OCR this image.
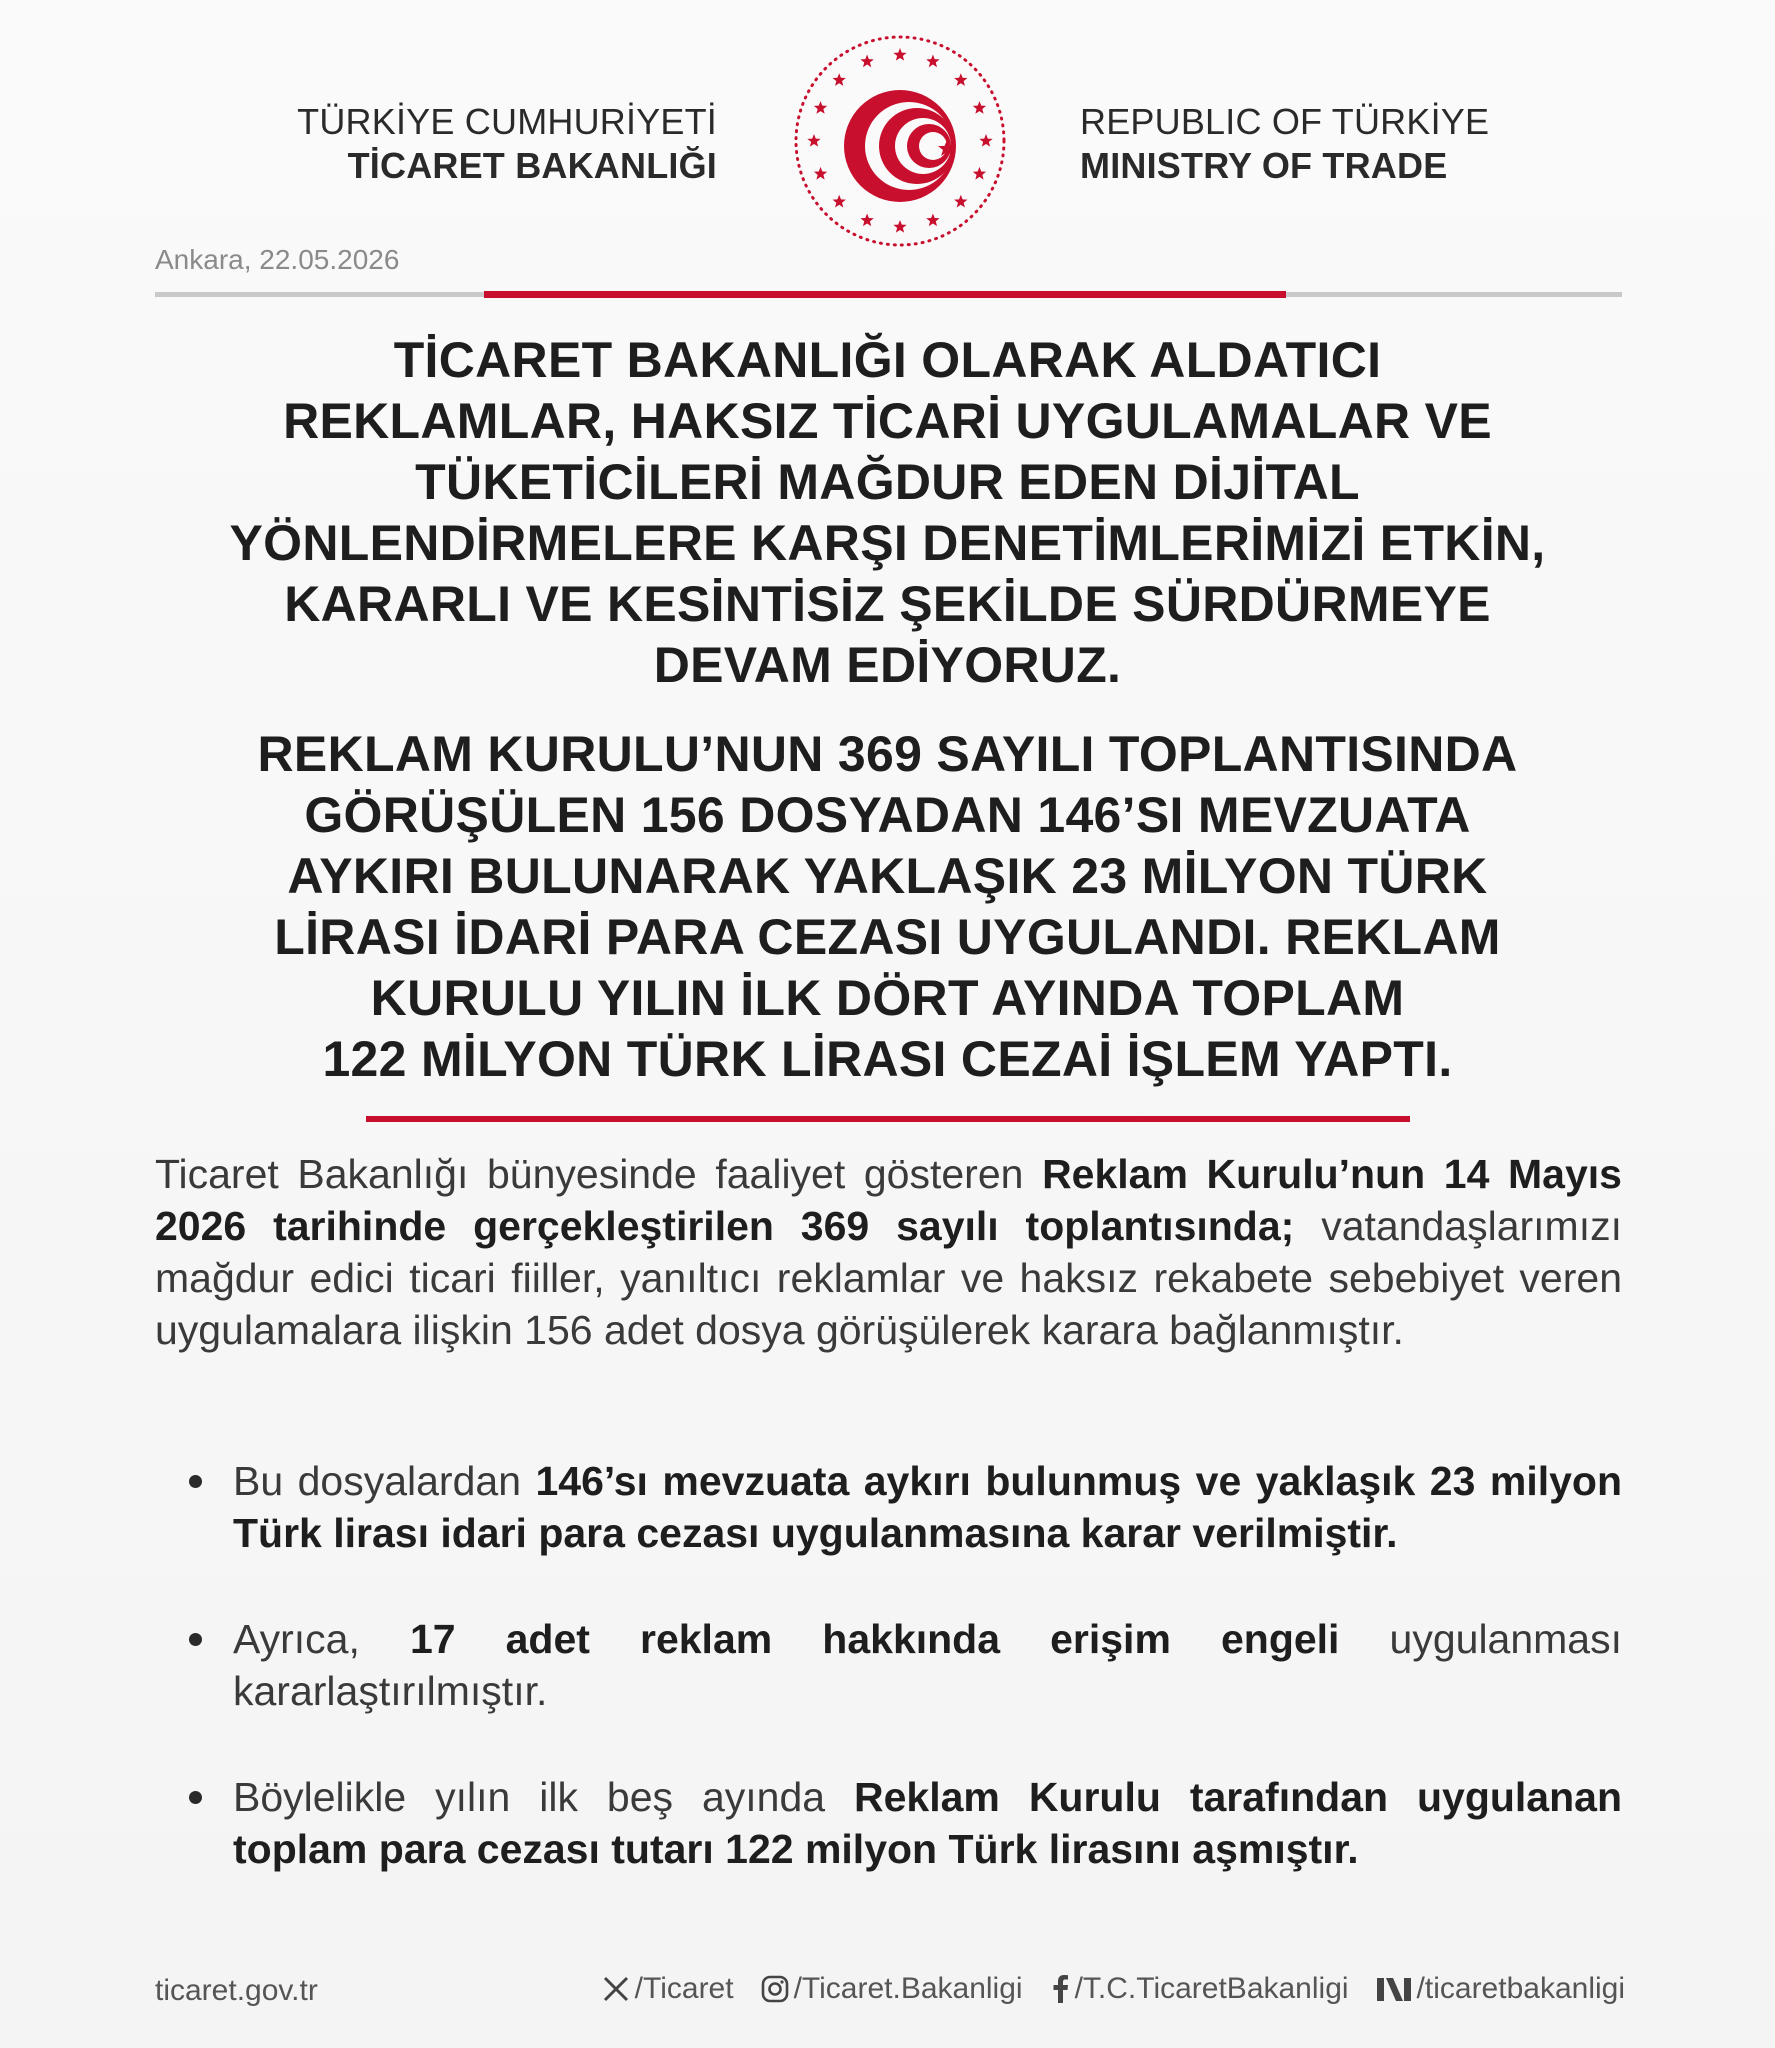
TÜRKİYE CUMHURİYETİ
TİCARET BAKANLIĞI
REPUBLIC OF TÜRKİYE
MINISTRY OF TRADE
Ankara, 22.05.2026

TİCARET BAKANLIĞI OLARAK ALDATICI

REKLAMLAR, HAKSIZ TİCARİ UYGULAMALAR VE

TÜKETİCİLERİ MAĞDUR EDEN DİJİTAL

YÖNLENDİRMELERE KARŞI DENETİMLERİMİZİ ETKİN,

KARARLI VE KESİNTİSİZ ŞEKİLDE SÜRDÜRMEYE

DEVAM EDİYORUZ.

REKLAM KURULU’NUN 369 SAYILI TOPLANTISINDA

GÖRÜŞÜLEN 156 DOSYADAN 146’SI MEVZUATA

AYKIRI BULUNARAK YAKLAŞIK 23 MİLYON TÜRK

LİRASI İDARİ PARA CEZASI UYGULANDI. REKLAM

KURULU YILIN İLK DÖRT AYINDA TOPLAM

122 MİLYON TÜRK LİRASI CEZAİ İŞLEM YAPTI.

Ticaret Bakanlığı bünyesinde faaliyet gösteren Reklam Kurulu’nun 14 Mayıs 2026 tarihinde gerçekleştirilen 369 sayılı toplantısında; vatandaşlarımızı mağdur edici ticari fiiller, yanıltıcı reklamlar ve haksız rekabete sebebiyet veren uygulamalara ilişkin 156 adet dosya görüşülerek karara bağlanmıştır.
Bu dosyalardan 146’sı mevzuata aykırı bulunmuş ve yaklaşık 23 milyon Türk lirası idari para cezası uygulanmasına karar verilmiştir.
Ayrıca, 17 adet reklam hakkında erişim engeli uygulanması kararlaştırılmıştır.
Böylelikle yılın ilk beş ayında Reklam Kurulu tarafından uygulanan toplam para cezası tutarı 122 milyon Türk lirasını aşmıştır.
ticaret.gov.tr	/Ticaret /Ticaret.Bakanligi /T.C.TicaretBakanligi /ticaretbakanligi
